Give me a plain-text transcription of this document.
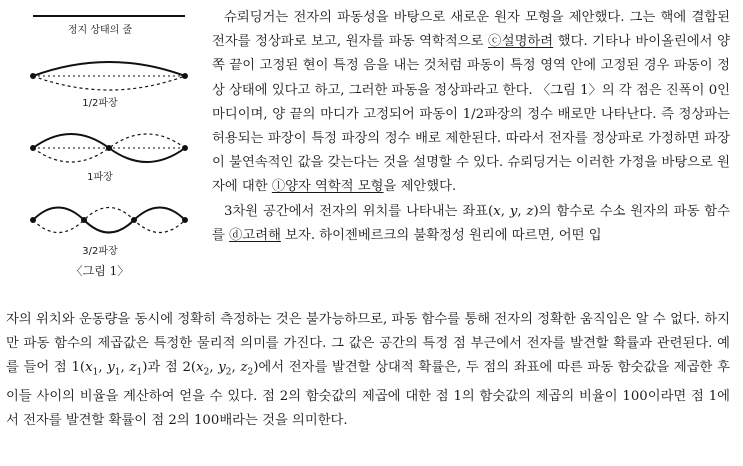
정지 상태의 줄
1/2파장
1파장
3/2파장
〈그림 1〉

슈뢰딩거는 전자의 파동성을 바탕으로 새로운 원자 모형을 제안했다. 그는 핵에 결합된 전자를 정상파로 보고, 원자를 파동 역학적으로 ⓒ설명하려 했다. 기타나 바이올린에서 양쪽 끝이 고정된 현이 특정 음을 내는 것처럼 파동이 특정 영역 안에 고정된 경우 파동이 정상 상태에 있다고 하고, 그러한 파동을 정상파라고 한다. 〈그림 1〉의 각 점은 진폭이 0인 마디이며, 양 끝의 마디가 고정되어 파동이 1/2파장의 정수 배로만 나타난다. 즉 정상파는 허용되는 파장이 특정 파장의 정수 배로 제한된다. 따라서 전자를 정상파로 가정하면 파장이 불연속적인 값을 갖는다는 것을 설명할 수 있다. 슈뢰딩거는 이러한 가정을 바탕으로 원자에 대한 ⓛ양자 역학적 모형을 제안했다.

3차원 공간에서 전자의 위치를 나타내는 좌표(x, y, z)의 함수로 수소 원자의 파동 함수를 ⓓ고려해 보자. 하이젠베르크의 불확정성 원리에 따르면, 어떤 입

자의 위치와 운동량을 동시에 정확히 측정하는 것은 불가능하므로, 파동 함수를 통해 전자의 정확한 움직임은 알 수 없다. 하지만 파동 함수의 제곱값은 특정한 물리적 의미를 가진다. 그 값은 공간의 특정 점 부근에서 전자를 발견할 확률과 관련된다. 예를 들어 점 $1(x_1$, $y_1$, $z_1$)과 점 $2(x_2$, $y_2$, $z_2$)에서 전자를 발견할 상대적 확률은, 두 점의 좌표에 따른 파동 함숫값을 제곱한 후 이들 사이의 비율을 계산하여 얻을 수 있다. 점 2의 함숫값의 제곱에 대한 점 1의 함숫값의 제곱의 비율이 100이라면 점 1에서 전자를 발견할 확률이 점 2의 100배라는 것을 의미한다.
